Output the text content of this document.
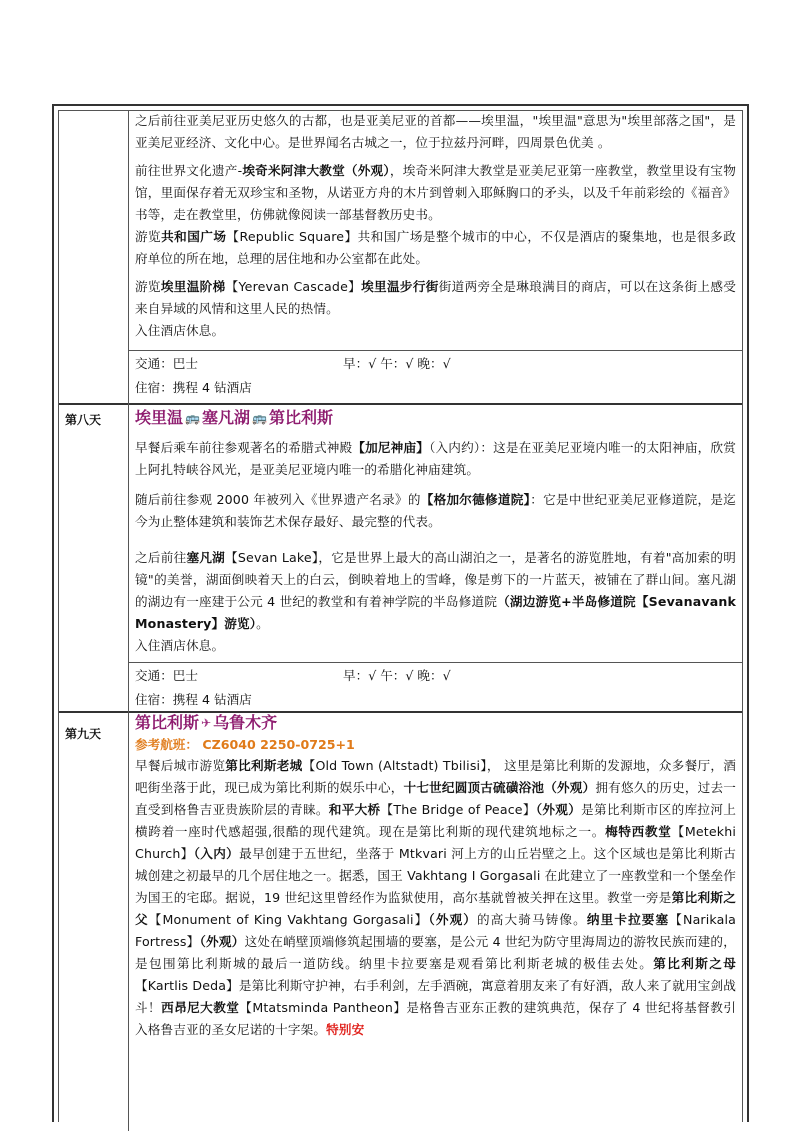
之后前往亚美尼亚历史悠久的古都，也是亚美尼亚的首都——埃里温，"埃里温"意思为"埃里部落之国"，是亚美尼亚经济、文化中心。是世界闻名古城之一，位于拉兹丹河畔，四周景色优美 。

前往世界文化遗产-埃奇米阿津大教堂（外观），埃奇米阿津大教堂是亚美尼亚第一座教堂，教堂里设有宝物馆，里面保存着无双珍宝和圣物，从诺亚方舟的木片到曾刺入耶稣胸口的矛头，以及千年前彩绘的《福音》书等，走在教堂里，仿佛就像阅读一部基督教历史书。

游览共和国广场【Republic Square】共和国广场是整个城市的中心，不仅是酒店的聚集地，也是很多政府单位的所在地，总理的居住地和办公室都在此处。

游览埃里温阶梯【Yerevan Cascade】埃里温步行街街道两旁全是琳琅满目的商店，可以在这条街上感受来自异域的风情和这里人民的热情。

入住酒店休息。

交通：巴士	早：√ 午：√ 晚：√
住宿：携程 4 钻酒店
第八天 埃里温 🚌 塞凡湖 🚌 第比利斯

早餐后乘车前往参观著名的希腊式神殿【加尼神庙】（入内约）：这是在亚美尼亚境内唯一的太阳神庙，欣赏上阿扎特峡谷风光，是亚美尼亚境内唯一的希腊化神庙建筑。

随后前往参观 2000 年被列入《世界遗产名录》的【格加尔德修道院】：它是中世纪亚美尼亚修道院，是迄今为止整体建筑和装饰艺术保存最好、最完整的代表。

之后前往塞凡湖【Sevan Lake】，它是世界上最大的高山湖泊之一，是著名的游览胜地，有着"高加索的明镜"的美誉，湖面倒映着天上的白云，倒映着地上的雪峰，像是剪下的一片蓝天，被铺在了群山间。塞凡湖的湖边有一座建于公元 4 世纪的教堂和有着神学院的半岛修道院（湖边游览+半岛修道院【Sevanavank Monastery】游览）。

入住酒店休息。

交通：巴士	早：√ 午：√ 晚：√
住宿：携程 4 钻酒店
第九天
第比利斯 ✈ 乌鲁木齐
参考航班： CZ6040 2250-0725+1

早餐后城市游览第比利斯老城【Old Town (Altstadt) Tbilisi】， 这里是第比利斯的发源地，众多餐厅，酒吧街坐落于此，现已成为第比利斯的娱乐中心，十七世纪圆顶古硫磺浴池（外观）拥有悠久的历史，过去一直受到格鲁吉亚贵族阶层的青睐。和平大桥【The Bridge of Peace】（外观）是第比利斯市区的库拉河上横跨着一座时代感超强,很酷的现代建筑。现在是第比利斯的现代建筑地标之一。梅特西教堂【Metekhi Church】（入内）最早创建于五世纪，坐落于 Mtkvari 河上方的山丘岩壁之上。这个区域也是第比利斯古城创建之初最早的几个居住地之一。据悉，国王 Vakhtang I Gorgasali 在此建立了一座教堂和一个堡垒作为国王的宅邸。据说，19 世纪这里曾经作为监狱使用，高尔基就曾被关押在这里。教堂一旁是第比利斯之父【Monument of King Vakhtang Gorgasali】（外观）的高大骑马铸像。纳里卡拉要塞【Narikala Fortress】（外观）这处在峭壁顶端修筑起围墙的要塞，是公元 4 世纪为防守里海周边的游牧民族而建的，是包围第比利斯城的最后一道防线。纳里卡拉要塞是观看第比利斯老城的极佳去处。第比利斯之母【Kartlis Deda】是第比利斯守护神，右手利剑，左手酒碗，寓意着朋友来了有好酒，敌人来了就用宝剑战斗！西昂尼大教堂【Mtatsminda Pantheon】是格鲁吉亚东正教的建筑典范，保存了 4 世纪将基督教引入格鲁吉亚的圣女尼诺的十字架。特别安
